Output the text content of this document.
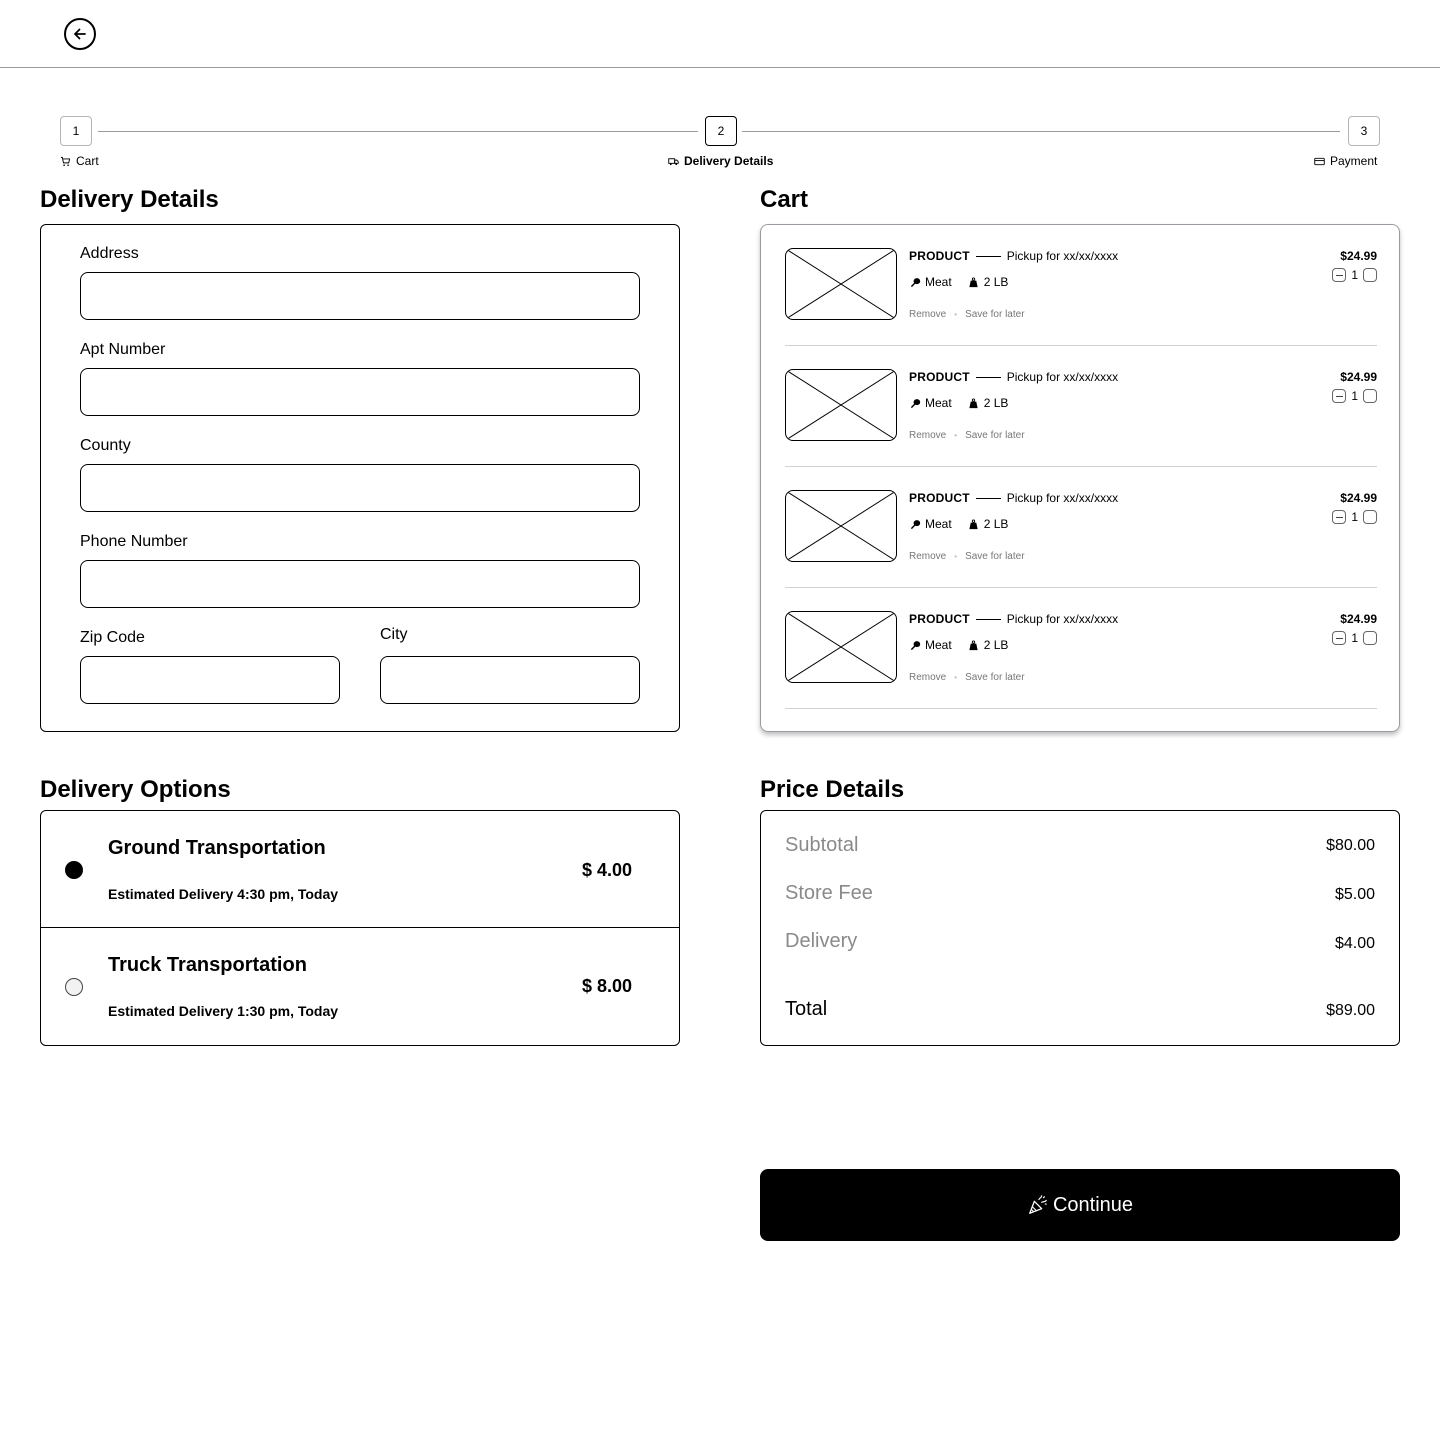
1	2	3
Cart	Delivery Details	Payment
Delivery Details
Address
Apt Number
County
Phone Number
Zip Code	City
Cart
PRODUCT	Pickup for xx/xx/xxxx
Meat	2 LB
Remove • Save for later
$24.99
1
PRODUCT	Pickup for xx/xx/xxxx
Meat	2 LB
Remove • Save for later
$24.99
1
PRODUCT	Pickup for xx/xx/xxxx
Meat	2 LB
Remove • Save for later
$24.99
1
PRODUCT	Pickup for xx/xx/xxxx
Meat	2 LB
Remove • Save for later
$24.99
1
Delivery Options
Ground Transportation
Estimated Delivery 4:30 pm, Today
$ 4.00
Truck Transportation
Estimated Delivery 1:30 pm, Today
$ 8.00
Price Details
Subtotal	$80.00
Store Fee	$5.00
Delivery	$4.00
Total	$89.00
Continue
